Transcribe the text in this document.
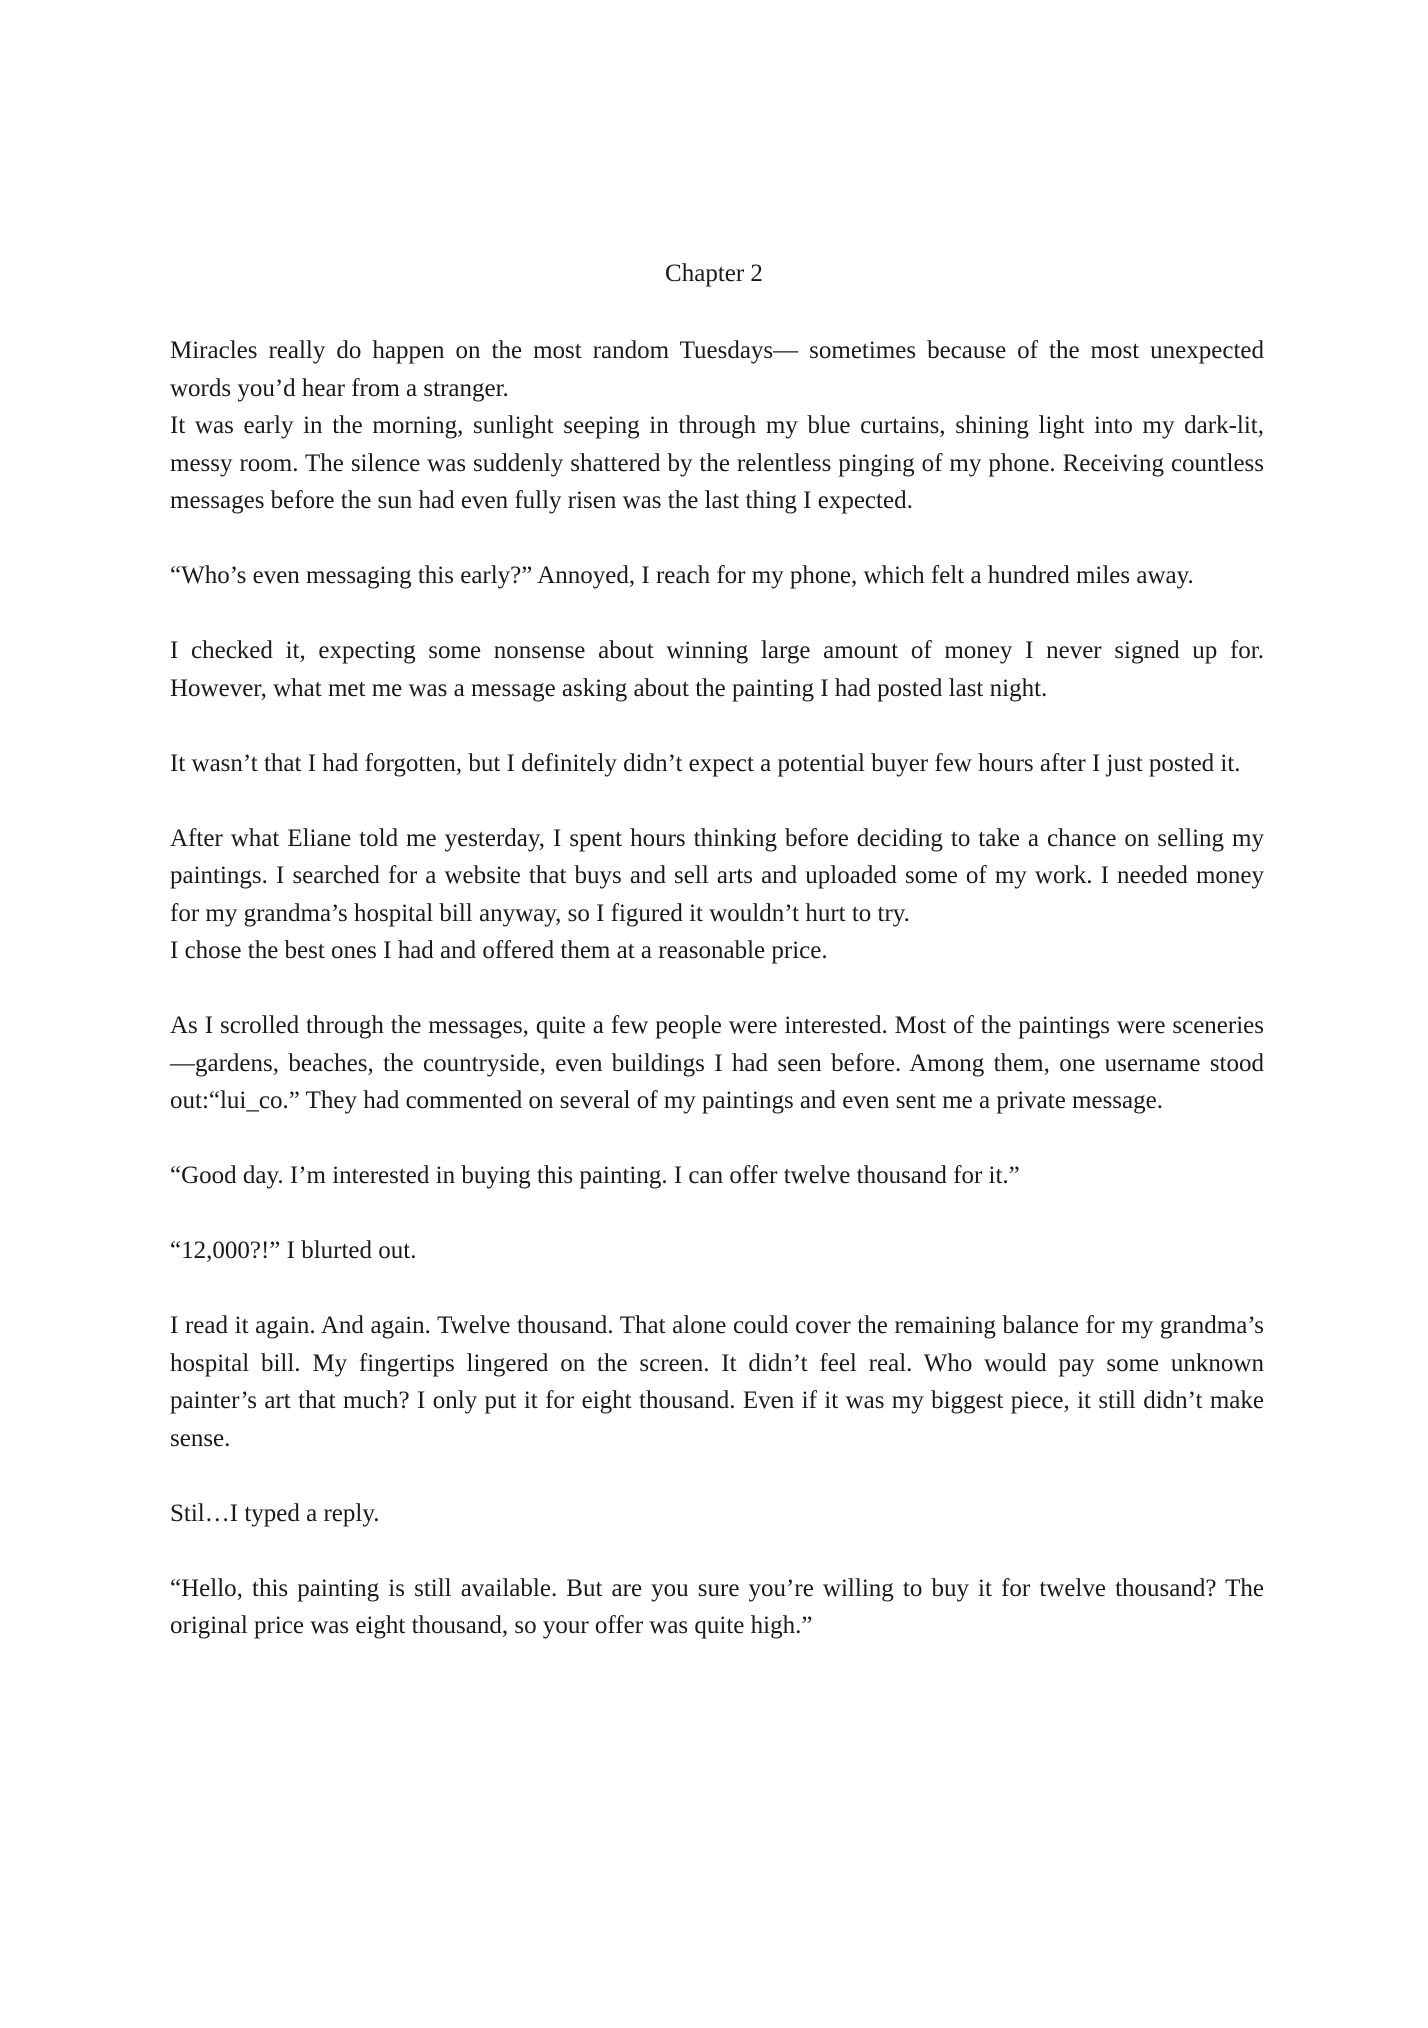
Chapter 2

Miracles really do happen on the most random Tuesdays— sometimes because of the most unexpected words you’d hear from a stranger.

It was early in the morning, sunlight seeping in through my blue curtains, shining light into my dark-lit, messy room. The silence was suddenly shattered by the relentless pinging of my phone. Receiving countless messages before the sun had even fully risen was the last thing I expected.

“Who’s even messaging this early?” Annoyed, I reach for my phone, which felt a hundred miles away.

I checked it, expecting some nonsense about winning large amount of money I never signed up for. However, what met me was a message asking about the painting I had posted last night.

It wasn’t that I had forgotten, but I definitely didn’t expect a potential buyer few hours after I just posted it.

After what Eliane told me yesterday, I spent hours thinking before deciding to take a chance on selling my paintings. I searched for a website that buys and sell arts and uploaded some of my work. I needed money for my grandma’s hospital bill anyway, so I figured it wouldn’t hurt to try.
I chose the best ones I had and offered them at a reasonable price.

As I scrolled through the messages, quite a few people were interested. Most of the paintings were sceneries—gardens, beaches, the countryside, even buildings I had seen before. Among them, one username stood out:“lui_co.” They had commented on several of my paintings and even sent me a private message.

“Good day. I’m interested in buying this painting. I can offer twelve thousand for it.”

“12,000?!” I blurted out.

I read it again. And again. Twelve thousand. That alone could cover the remaining balance for my grandma’s hospital bill. My fingertips lingered on the screen. It didn’t feel real. Who would pay some unknown painter’s art that much? I only put it for eight thousand. Even if it was my biggest piece, it still didn’t make sense.

Stil…I typed a reply.

“Hello, this painting is still available. But are you sure you’re willing to buy it for twelve thousand? The original price was eight thousand, so your offer was quite high.”
